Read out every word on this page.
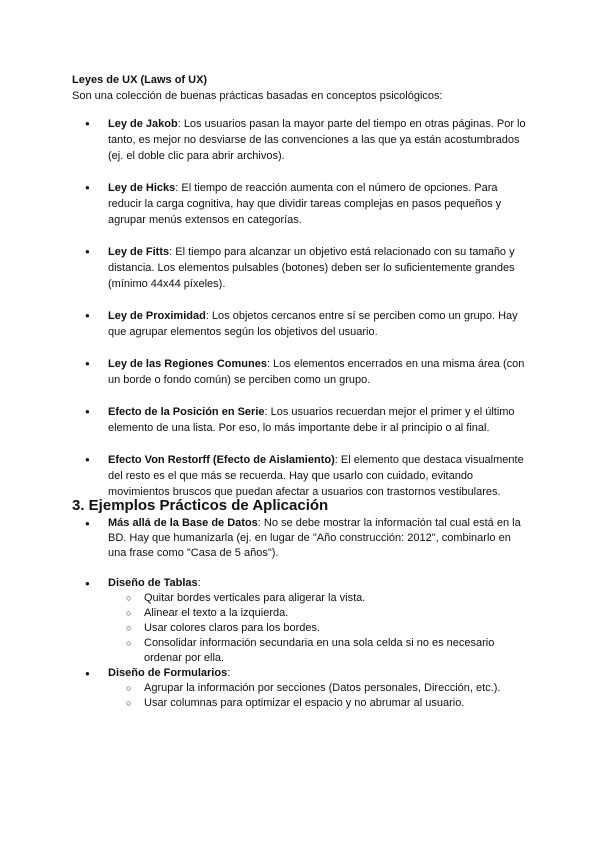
Leyes de UX (Laws of UX)

Son una colección de buenas prácticas basadas en conceptos psicológicos:

● Ley de Jakob: Los usuarios pasan la mayor parte del tiempo en otras páginas. Por lo tanto, es mejor no desviarse de las convenciones a las que ya están acostumbrados (ej. el doble clic para abrir archivos).
● Ley de Hicks: El tiempo de reacción aumenta con el número de opciones. Para reducir la carga cognitiva, hay que dividir tareas complejas en pasos pequeños y agrupar menús extensos en categorías.
● Ley de Fitts: El tiempo para alcanzar un objetivo está relacionado con su tamaño y distancia. Los elementos pulsables (botones) deben ser lo suficientemente grandes (mínimo 44x44 píxeles).
● Ley de Proximidad: Los objetos cercanos entre sí se perciben como un grupo. Hay que agrupar elementos según los objetivos del usuario.
● Ley de las Regiones Comunes: Los elementos encerrados en una misma área (con un borde o fondo común) se perciben como un grupo.
● Efecto de la Posición en Serie: Los usuarios recuerdan mejor el primer y el último elemento de una lista. Por eso, lo más importante debe ir al principio o al final.
● Efecto Von Restorff (Efecto de Aislamiento): El elemento que destaca visualmente del resto es el que más se recuerda. Hay que usarlo con cuidado, evitando movimientos bruscos que puedan afectar a usuarios con trastornos vestibulares.
3. Ejemplos Prácticos de Aplicación
● Más allá de la Base de Datos: No se debe mostrar la información tal cual está en la BD. Hay que humanizarla (ej. en lugar de "Año construcción: 2012", combinarlo en una frase como "Casa de 5 años").
● Diseño de Tablas:
○ Quitar bordes verticales para aligerar la vista.
○ Alinear el texto a la izquierda.
○ Usar colores claros para los bordes.
○ Consolidar información secundaria en una sola celda si no es necesario ordenar por ella.
● Diseño de Formularios:
○ Agrupar la información por secciones (Datos personales, Dirección, etc.).
○ Usar columnas para optimizar el espacio y no abrumar al usuario.
